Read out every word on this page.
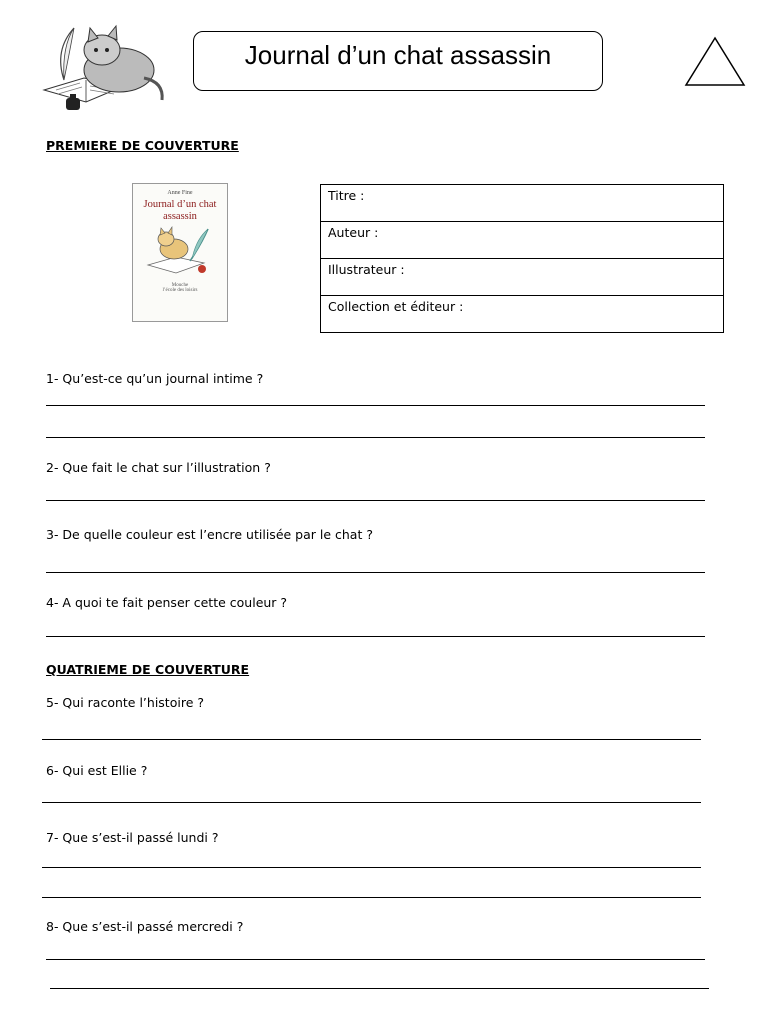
Journal d’un chat assassin
PREMIERE DE COUVERTURE
Anne Fine
Journal d’un chat
assassin
Mouche
l’école des loisirs
Titre :
Auteur :
Illustrateur :
Collection et éditeur :
1- Qu’est-ce qu’un journal intime ?
2- Que fait le chat sur l’illustration ?
3- De quelle couleur est l’encre utilisée par le chat ?
4- A quoi te fait penser cette couleur ?
QUATRIEME DE COUVERTURE
5- Qui raconte l’histoire ?
6- Qui est Ellie ?
7- Que s’est-il passé lundi ?
8- Que s’est-il passé mercredi ?
